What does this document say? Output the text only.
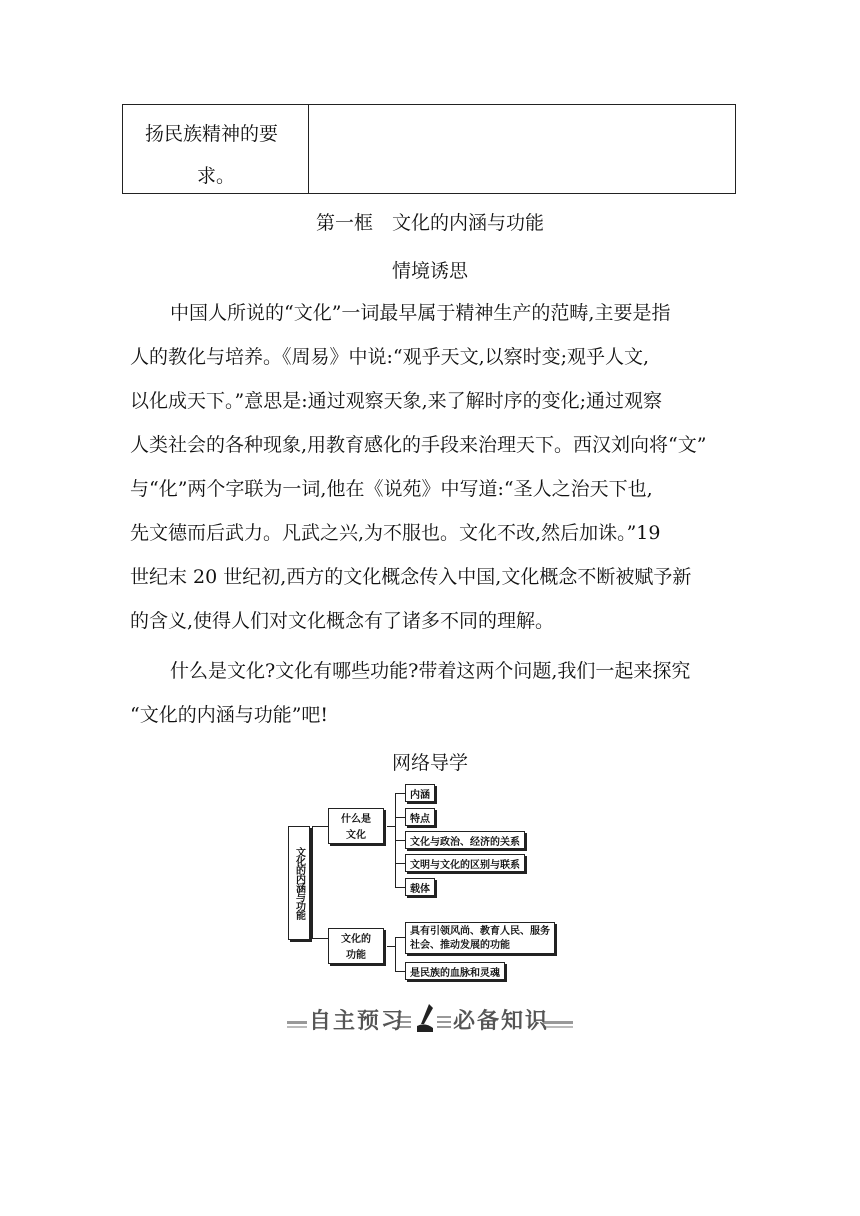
扬民族精神的要
求。
第一框　文化的内涵与功能
情境诱思
中国人所说的“文化”一词最早属于精神生产的范畴,主要是指
人的教化与培养。《周易》中说:“观乎天文,以察时变;观乎人文,
以化成天下。”意思是:通过观察天象,来了解时序的变化;通过观察
人类社会的各种现象,用教育感化的手段来治理天下。西汉刘向将“文”
与“化”两个字联为一词,他在《说苑》中写道:“圣人之治天下也,
先文德而后武力。凡武之兴,为不服也。文化不改,然后加诛。”19
世纪末 20 世纪初,西方的文化概念传入中国,文化概念不断被赋予新
的含义,使得人们对文化概念有了诸多不同的理解。
什么是文化?文化有哪些功能?带着这两个问题,我们一起来探究
“文化的内涵与功能”吧!
网络导学
文化的内涵与功能
什么是
文化
文化的
功能
内涵
特点
文化与政治、经济的关系
文明与文化的区别与联系
载体
具有引领风尚、教育人民、服务
社会、推动发展的功能
是民族的血脉和灵魂
自主预习 必备知识
